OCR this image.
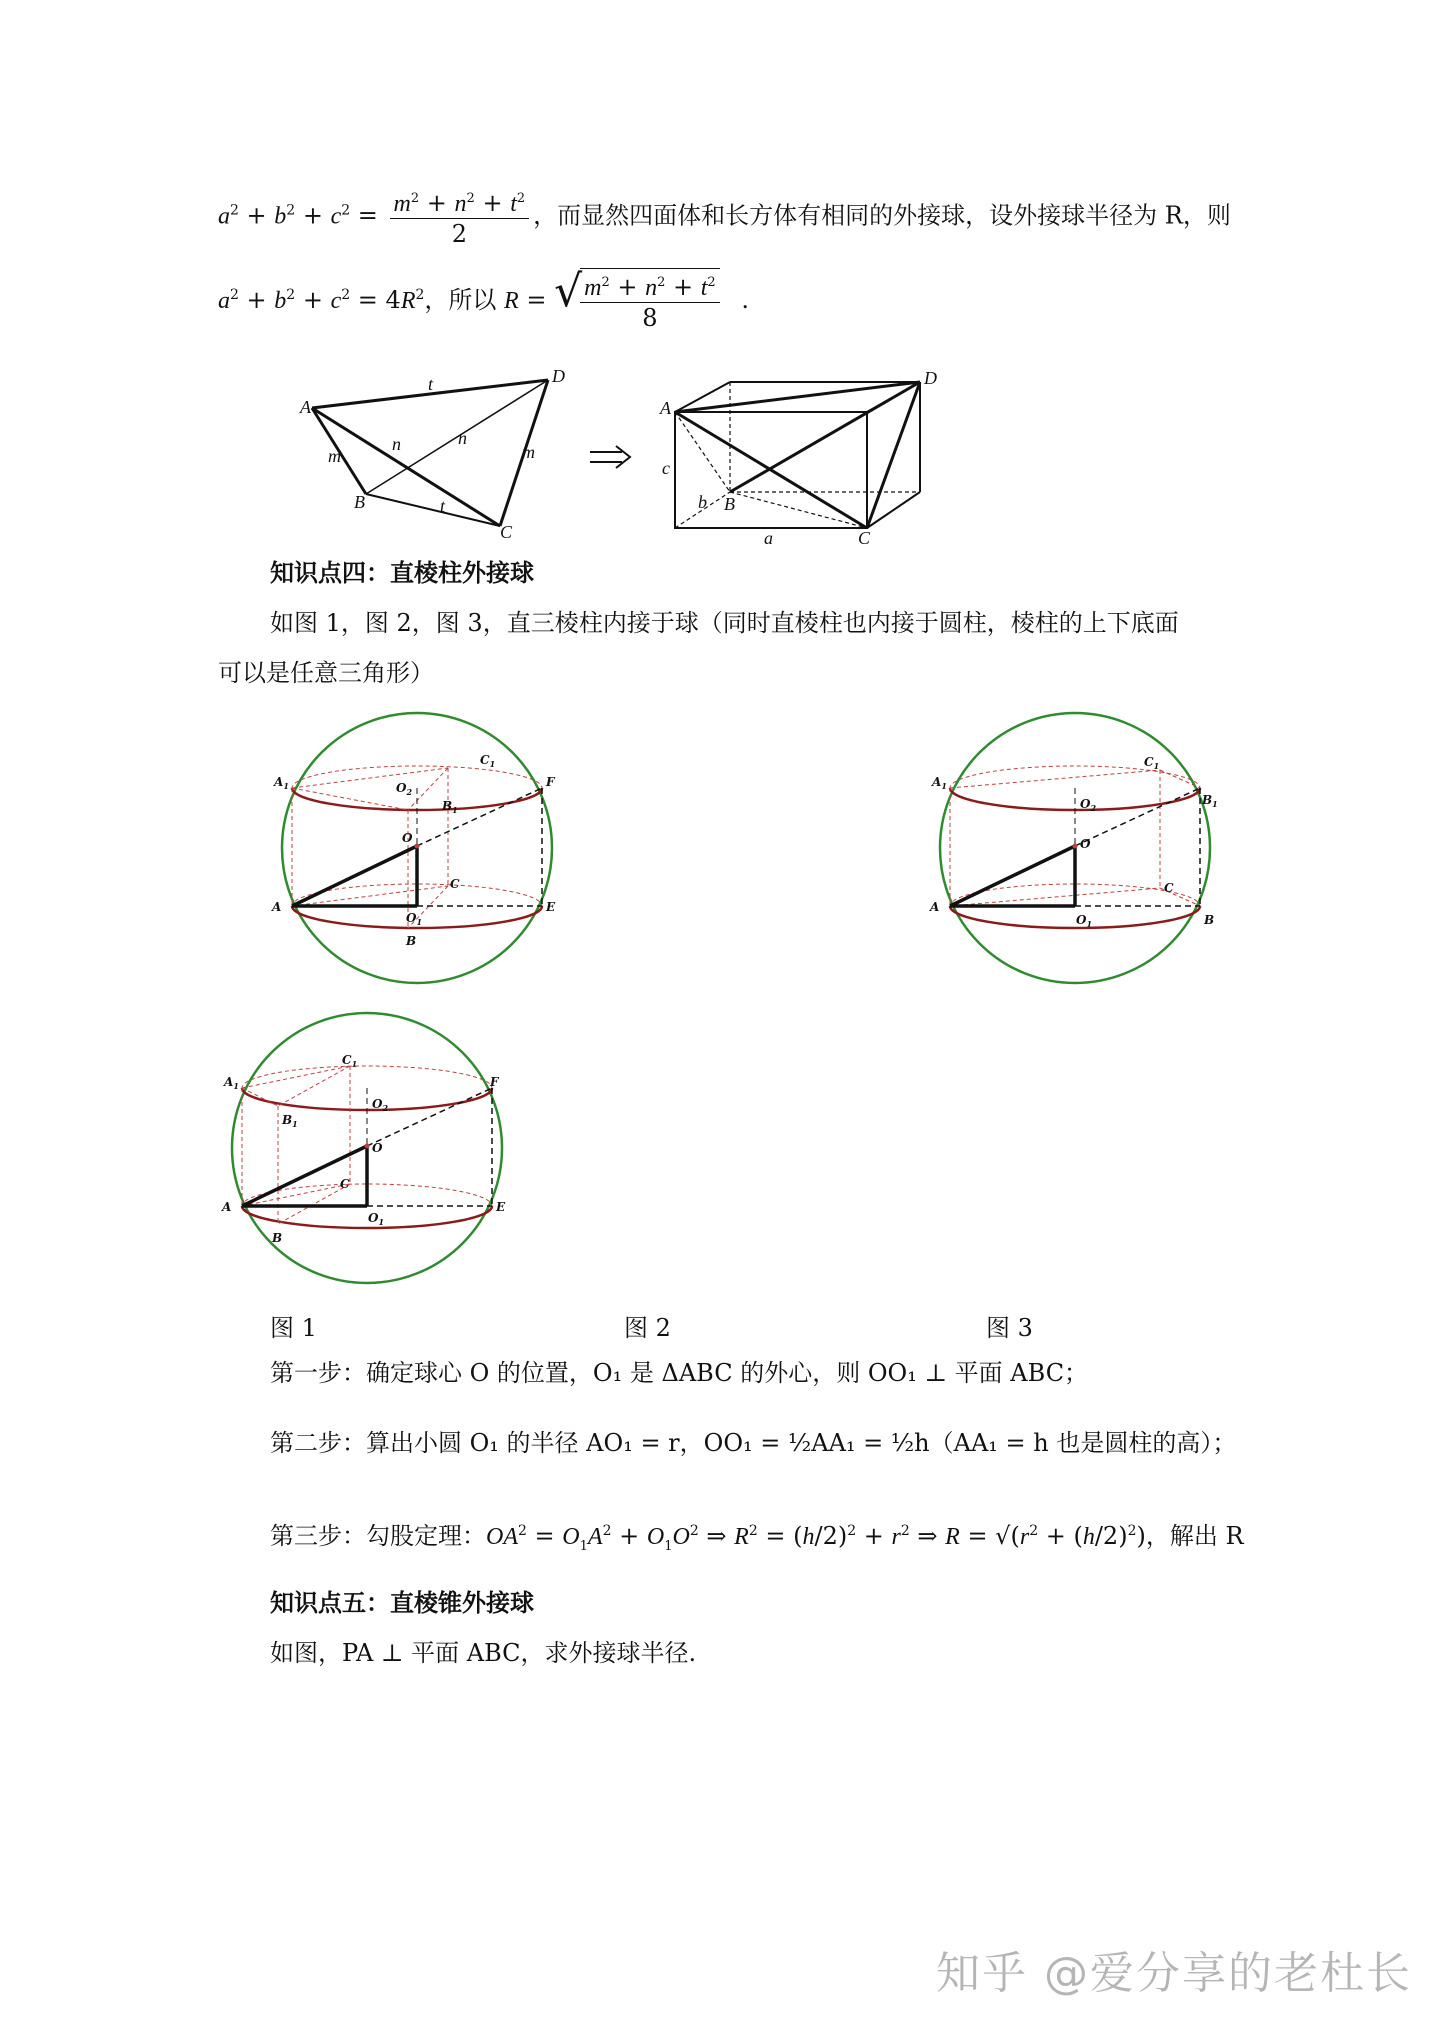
$a^2 + b^2 + c^2 = \frac{m^2 + n^2 + t^2}{2}$ ，而显然四面体和长方体有相同的外接球，设外接球半径为 R，则
$a^2 + b^2 + c^2 = 4R^2$，所以 R = √
$\frac{m^2 + n^2 + t^2}{8}$ .
A
B
C
D
t
t
m	m
n	n
A
B
C
D
a
b
c
知识点四：直棱柱外接球
如图 1，图 2，图 3，直三棱柱内接于球（同时直棱柱也内接于圆柱，棱柱的上下底面
可以是任意三角形）
A
B
C
E
F
O
$O_1$
$O_2$
$A_1$
$B_1$
$C_1$
A
B
C
O
$O_1$
$O_2$
$A_1$
$B_1$
$C_1$
A
B
C
E
F
O
$O_1$
$O_2$
$A_1$
$B_1$
$C_1$
图 1	图 2	图 3
第一步：确定球心 O 的位置，O₁ 是 ΔABC 的外心，则 OO₁ ⊥ 平面 ABC；
第二步：算出小圆 O₁ 的半径 AO₁ = r，OO₁ = ½AA₁ = ½h（AA₁ = h 也是圆柱的高）；
第三步：勾股定理：$OA^2 = O_1A^2 + O_1O^2$ ⇒ $R^2 = (h/2)^2 + r^2$ ⇒ $R = √(r^2 + (h/2)^2)$，解出 R
知识点五：直棱锥外接球
如图，PA ⊥ 平面 ABC，求外接球半径.
知乎 @爱分享的老杜长
